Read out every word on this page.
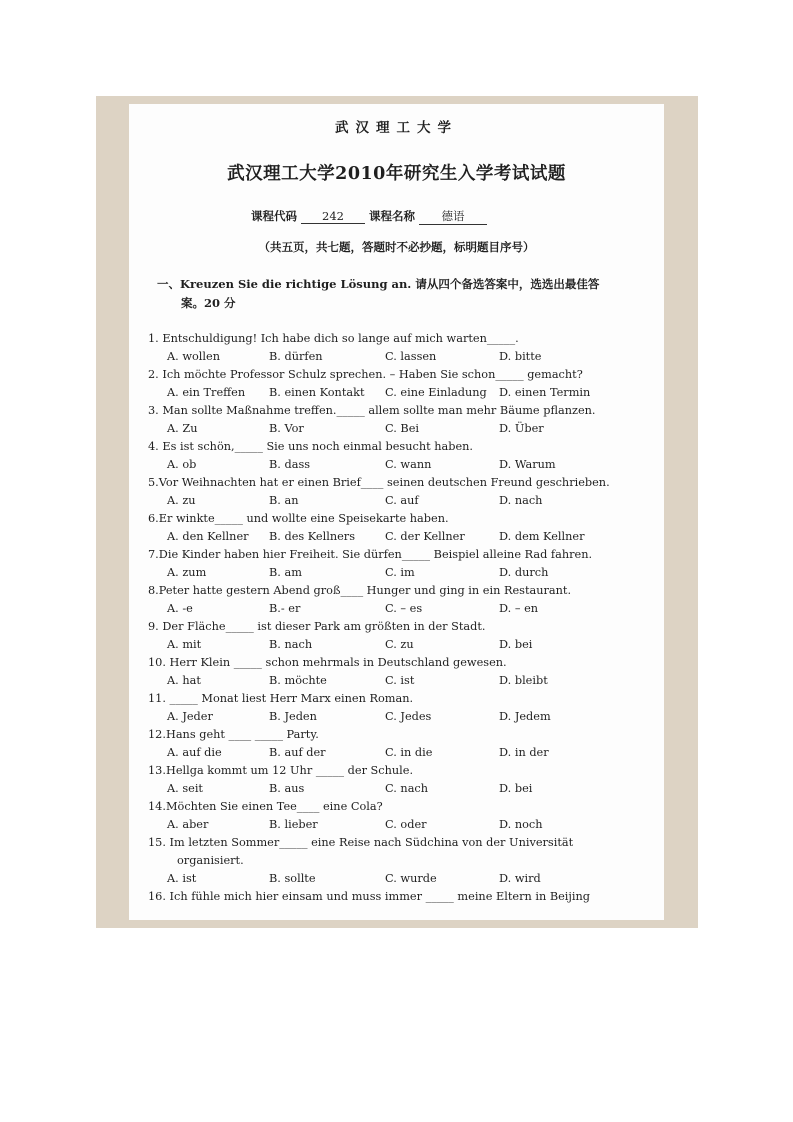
武汉理工大学
武汉理工大学2010年研究生入学考试试题
课程代码 242 课程名称 德语
（共五页，共七题，答题时不必抄题，标明题目序号）
一、Kreuzen Sie die richtige Lösung an. 请从四个备选答案中，选选出最佳答
案。20 分
1. Entschuldigung! Ich habe dich so lange auf mich warten_____.
A. wollen	B. dürfen	C. lassen	D. bitte
2. Ich möchte Professor Schulz sprechen. – Haben Sie schon_____ gemacht?
A. ein Treffen B. einen Kontakt C. eine Einladung D. einen Termin
3. Man sollte Maßnahme treffen._____ allem sollte man mehr Bäume pflanzen.
A. Zu	B. Vor	C. Bei	D. Über
4. Es ist schön,_____ Sie uns noch einmal besucht haben.
A. ob	B. dass	C. wann	D. Warum
5.Vor Weihnachten hat er einen Brief____ seinen deutschen Freund geschrieben.
A. zu	B. an	C. auf	D. nach
6.Er winkte_____ und wollte eine Speisekarte haben.
A. den Kellner B. des Kellners	C. der Kellner	D. dem Kellner
7.Die Kinder haben hier Freiheit. Sie dürfen_____ Beispiel alleine Rad fahren.
A. zum	B. am	C. im	D. durch
8.Peter hatte gestern Abend groß____ Hunger und ging in ein Restaurant.
A. -e	B.- er	C. – es	D. – en
9. Der Fläche_____ ist dieser Park am größten in der Stadt.
A. mit	B. nach	C. zu	D. bei
10. Herr Klein _____ schon mehrmals in Deutschland gewesen.
A. hat	B. möchte	C. ist	D. bleibt
11. _____ Monat liest Herr Marx einen Roman.
A. Jeder	B. Jeden	C. Jedes	D. Jedem
12.Hans geht ____ _____ Party.
A. auf die	B. auf der	C. in die	D. in der
13.Hellga kommt um 12 Uhr _____ der Schule.
A. seit	B. aus	C. nach	D. bei
14.Möchten Sie einen Tee____ eine Cola?
A. aber	B. lieber	C. oder	D. noch
15. Im letzten Sommer_____ eine Reise nach Südchina von der Universität
organisiert.
A. ist	B. sollte	C. wurde	D. wird
16. Ich fühle mich hier einsam und muss immer _____ meine Eltern in Beijing
